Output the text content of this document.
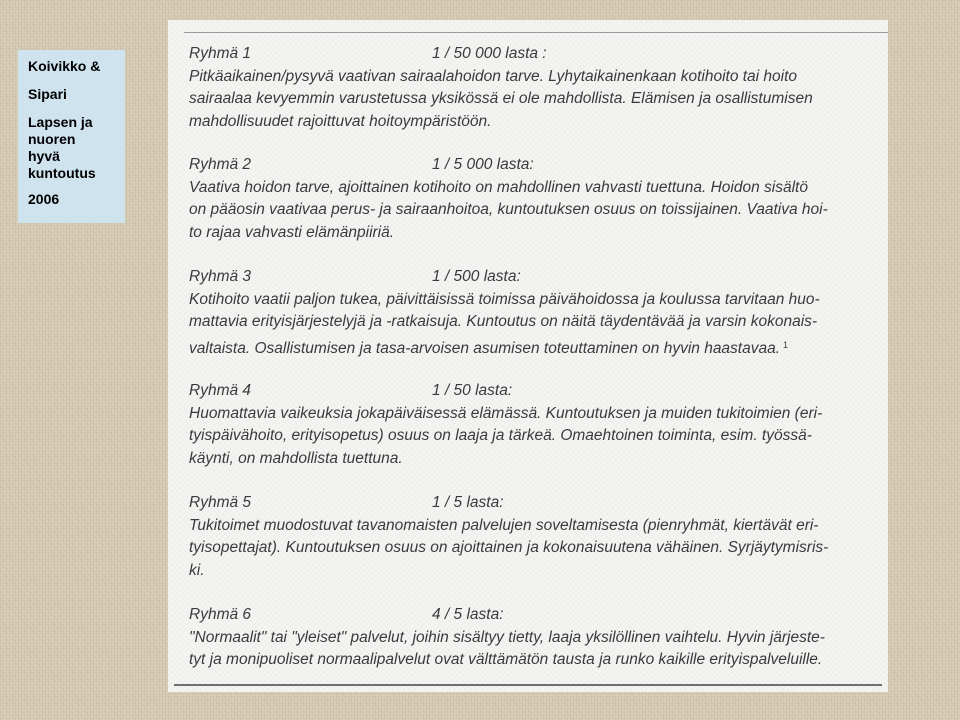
Koivikko &
Sipari
Lapsen ja
nuoren
hyvä
kuntoutus
2006
Ryhmä 1	1 / 50 000 lasta :
Pitkäaikainen/pysyvä vaativan sairaalahoidon tarve. Lyhytaikainenkaan kotihoito tai hoito
sairaalaa kevyemmin varustetussa yksikössä ei ole mahdollista. Elämisen ja osallistumisen
mahdollisuudet rajoittuvat hoitoympäristöön.
Ryhmä 2	1 / 5 000 lasta:
Vaativa hoidon tarve, ajoittainen kotihoito on mahdollinen vahvasti tuettuna. Hoidon sisältö
on pääosin vaativaa perus- ja sairaanhoitoa, kuntoutuksen osuus on toissijainen. Vaativa hoi-
to rajaa vahvasti elämänpiiriä.
Ryhmä 3	1 / 500 lasta:
Kotihoito vaatii paljon tukea, päivittäisissä toimissa päivähoidossa ja koulussa tarvitaan huo-
mattavia erityisjärjestelyjä ja -ratkaisuja. Kuntoutus on näitä täydentävää ja varsin kokonais-
valtaista. Osallistumisen ja tasa-arvoisen asumisen toteuttaminen on hyvin haastavaa. $^1$
Ryhmä 4	1 / 50 lasta:
Huomattavia vaikeuksia jokapäiväisessä elämässä. Kuntoutuksen ja muiden tukitoimien (eri-
tyispäivähoito, erityisopetus) osuus on laaja ja tärkeä. Omaehtoinen toiminta, esim. työssä-
käynti, on mahdollista tuettuna.
Ryhmä 5	1 / 5 lasta:
Tukitoimet muodostuvat tavanomaisten palvelujen soveltamisesta (pienryhmät, kiertävät eri-
tyisopettajat). Kuntoutuksen osuus on ajoittainen ja kokonaisuutena vähäinen. Syrjäytymisris-
ki.
Ryhmä 6	4 / 5 lasta:
"Normaalit" tai "yleiset" palvelut, joihin sisältyy tietty, laaja yksilöllinen vaihtelu. Hyvin järjeste-
tyt ja monipuoliset normaalipalvelut ovat välttämätön tausta ja runko kaikille erityispalveluille.
